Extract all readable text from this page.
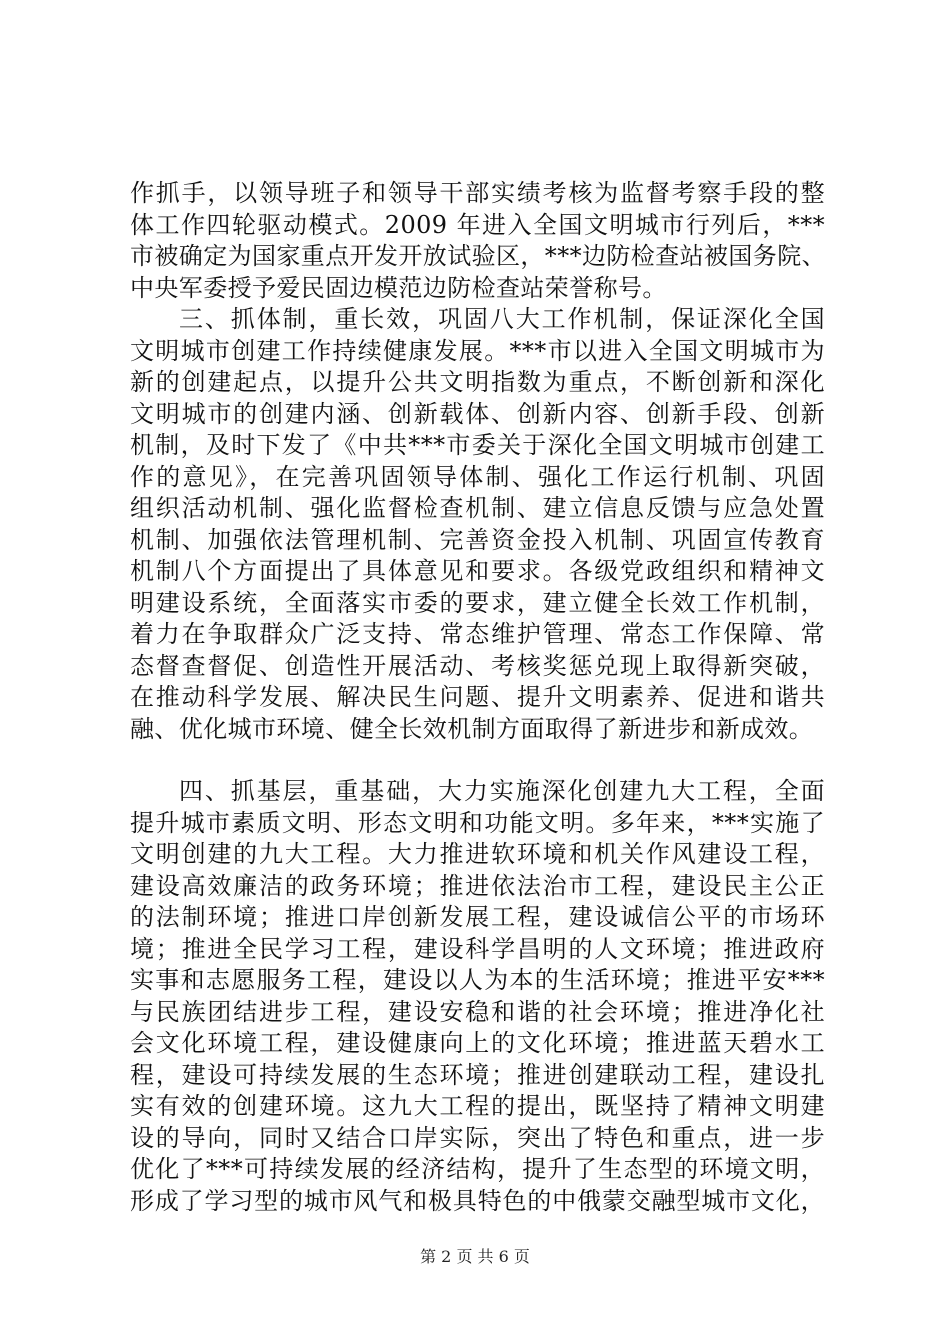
作抓手，以领导班子和领导干部实绩考核为监督考察手段的整
体工作四轮驱动模式。2009 年进入全国文明城市行列后，***
市被确定为国家重点开发开放试验区，***边防检查站被国务院、
中央军委授予爱民固边模范边防检查站荣誉称号。
三、抓体制，重长效，巩固八大工作机制，保证深化全国
文明城市创建工作持续健康发展。***市以进入全国文明城市为
新的创建起点，以提升公共文明指数为重点，不断创新和深化
文明城市的创建内涵、创新载体、创新内容、创新手段、创新
机制，及时下发了《中共***市委关于深化全国文明城市创建工
作的意见》，在完善巩固领导体制、强化工作运行机制、巩固
组织活动机制、强化监督检查机制、建立信息反馈与应急处置
机制、加强依法管理机制、完善资金投入机制、巩固宣传教育
机制八个方面提出了具体意见和要求。各级党政组织和精神文
明建设系统，全面落实市委的要求，建立健全长效工作机制，
着力在争取群众广泛支持、常态维护管理、常态工作保障、常
态督查督促、创造性开展活动、考核奖惩兑现上取得新突破，
在推动科学发展、解决民生问题、提升文明素养、促进和谐共
融、优化城市环境、健全长效机制方面取得了新进步和新成效。
四、抓基层，重基础，大力实施深化创建九大工程，全面
提升城市素质文明、形态文明和功能文明。多年来，***实施了
文明创建的九大工程。大力推进软环境和机关作风建设工程，
建设高效廉洁的政务环境；推进依法治市工程，建设民主公正
的法制环境；推进口岸创新发展工程，建设诚信公平的市场环
境；推进全民学习工程，建设科学昌明的人文环境；推进政府
实事和志愿服务工程，建设以人为本的生活环境；推进平安***
与民族团结进步工程，建设安稳和谐的社会环境；推进净化社
会文化环境工程，建设健康向上的文化环境；推进蓝天碧水工
程，建设可持续发展的生态环境；推进创建联动工程，建设扎
实有效的创建环境。这九大工程的提出，既坚持了精神文明建
设的导向，同时又结合口岸实际，突出了特色和重点，进一步
优化了***可持续发展的经济结构，提升了生态型的环境文明，
形成了学习型的城市风气和极具特色的中俄蒙交融型城市文化，
第 2 页 共 6 页
